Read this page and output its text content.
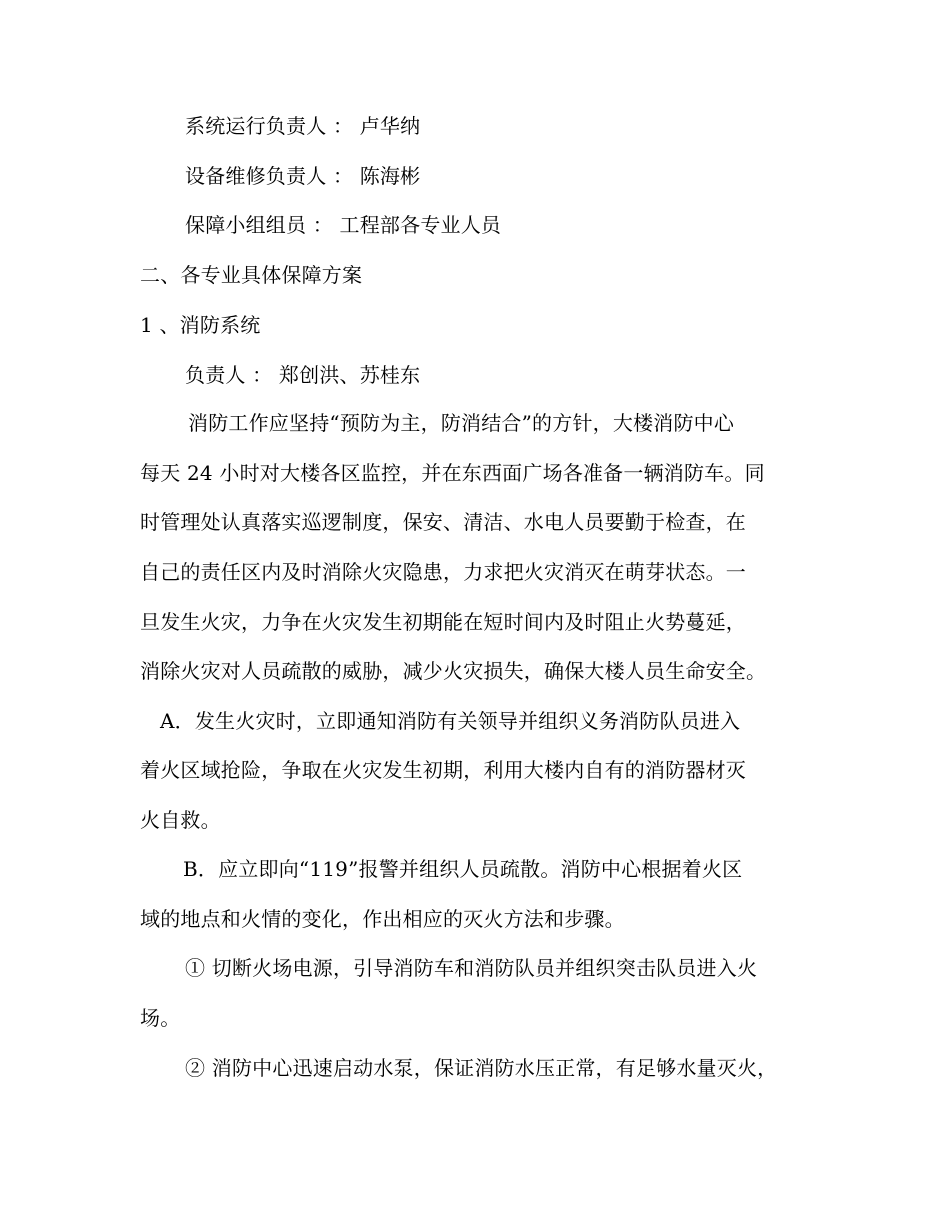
系统运行负责人 ： 卢华纳
设备维修负责人 ： 陈海彬
保障小组组员 ： 工程部各专业人员
二、各专业具体保障方案
1 、消防系统
负责人 ： 郑创洪、苏桂东
消防工作应坚持“预防为主，防消结合”的方针，大楼消防中心
每天 24 小时对大楼各区监控，并在东西面广场各准备一辆消防车。同
时管理处认真落实巡逻制度，保安、清洁、水电人员要勤于检查，在
自己的责任区内及时消除火灾隐患，力求把火灾消灭在萌芽状态。一
旦发生火灾，力争在火灾发生初期能在短时间内及时阻止火势蔓延，
消除火灾对人员疏散的威胁，减少火灾损失，确保大楼人员生命安全。
A．发生火灾时，立即通知消防有关领导并组织义务消防队员进入
着火区域抢险，争取在火灾发生初期，利用大楼内自有的消防器材灭
火自救。
B．应立即向“119”报警并组织人员疏散。消防中心根据着火区
域的地点和火情的变化，作出相应的灭火方法和步骤。
① 切断火场电源，引导消防车和消防队员并组织突击队员进入火
场。
② 消防中心迅速启动水泵，保证消防水压正常，有足够水量灭火，
